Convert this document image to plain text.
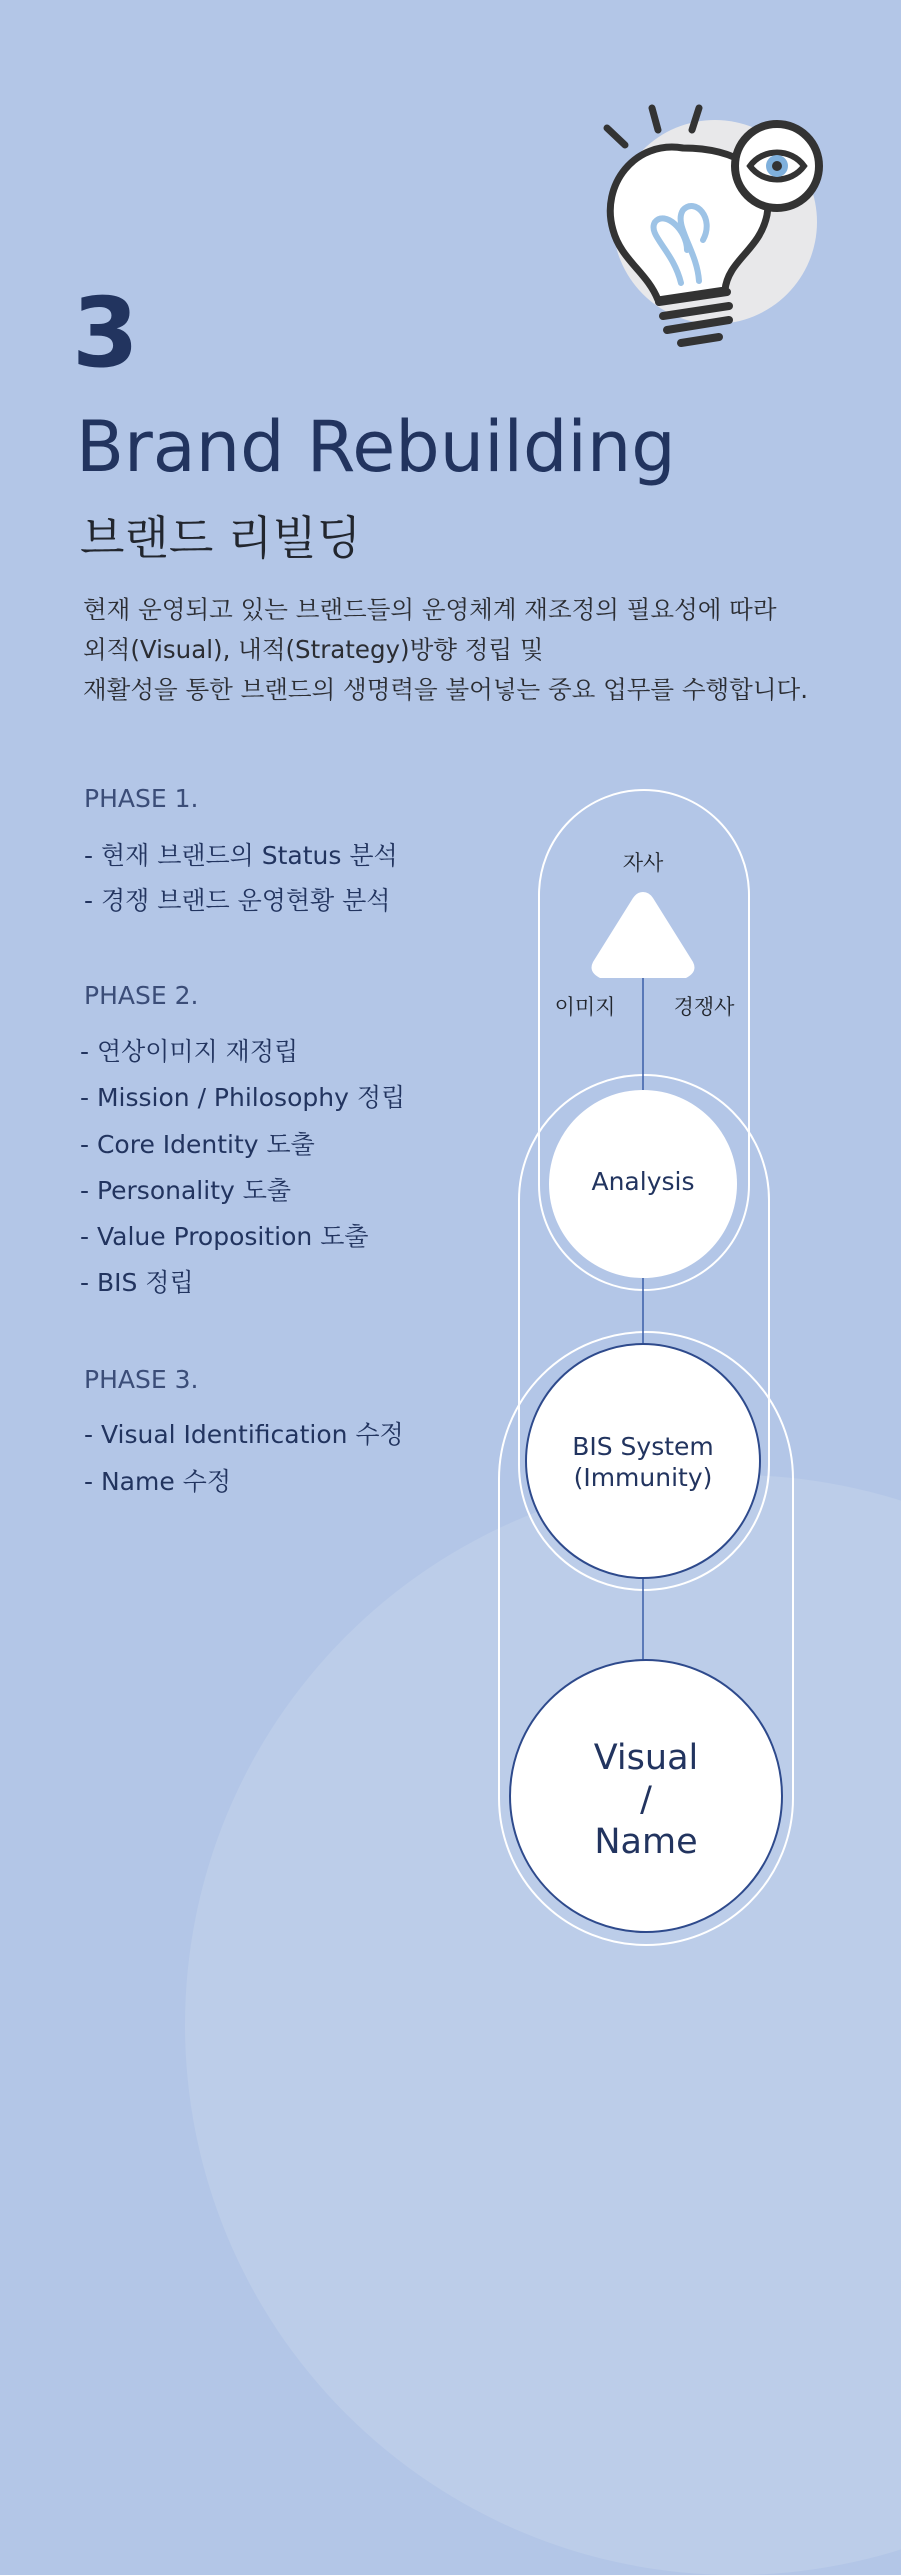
3
Brand Rebuilding
브랜드 리빌딩
현재 운영되고 있는 브랜드들의 운영체계 재조정의 필요성에 따라
외적(Visual), 내적(Strategy)방향 정립 및
재활성을 통한 브랜드의 생명력을 불어넣는 중요 업무를 수행합니다.
PHASE 1.
- 현재 브랜드의 Status 분석
- 경쟁 브랜드 운영현황 분석
PHASE 2.
- 연상이미지 재정립
- Mission / Philosophy 정립
- Core Identity 도출
- Personality 도출
- Value Proposition 도출
- BIS 정립
PHASE 3.
- Visual Identification 수정
- Name 수정
자사
이미지	경쟁사
Analysis
BIS System
(Immunity)
Visual
/
Name
